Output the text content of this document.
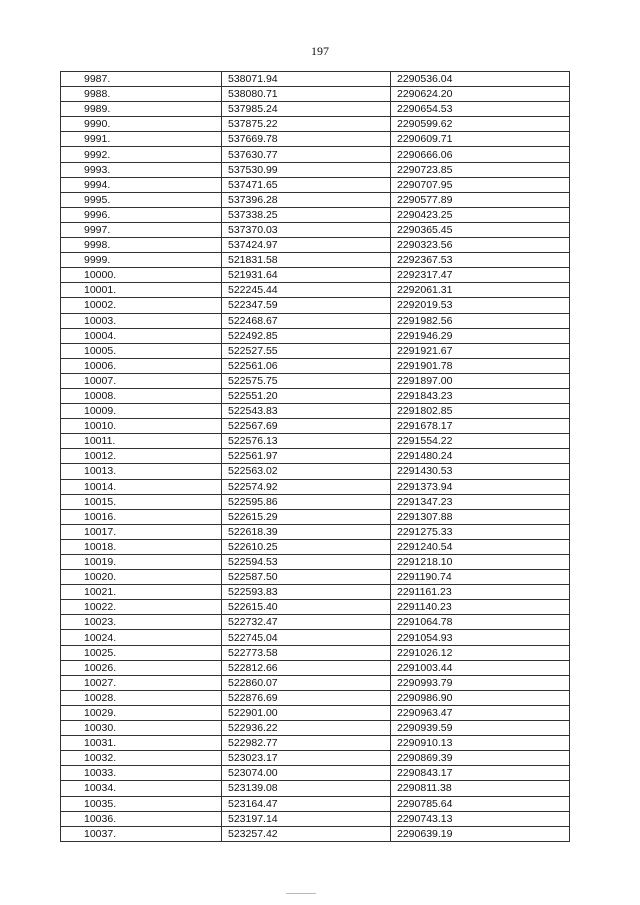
197
9987.	538071.94	2290536.04
9988.	538080.71	2290624.20
9989.	537985.24	2290654.53
9990.	537875.22	2290599.62
9991.	537669.78	2290609.71
9992.	537630.77	2290666.06
9993.	537530.99	2290723.85
9994.	537471.65	2290707.95
9995.	537396.28	2290577.89
9996.	537338.25	2290423.25
9997.	537370.03	2290365.45
9998.	537424.97	2290323.56
9999.	521831.58	2292367.53
10000.	521931.64	2292317.47
10001.	522245.44	2292061.31
10002.	522347.59	2292019.53
10003.	522468.67	2291982.56
10004.	522492.85	2291946.29
10005.	522527.55	2291921.67
10006.	522561.06	2291901.78
10007.	522575.75	2291897.00
10008.	522551.20	2291843.23
10009.	522543.83	2291802.85
10010.	522567.69	2291678.17
10011.	522576.13	2291554.22
10012.	522561.97	2291480.24
10013.	522563.02	2291430.53
10014.	522574.92	2291373.94
10015.	522595.86	2291347.23
10016.	522615.29	2291307.88
10017.	522618.39	2291275.33
10018.	522610.25	2291240.54
10019.	522594.53	2291218.10
10020.	522587.50	2291190.74
10021.	522593.83	2291161.23
10022.	522615.40	2291140.23
10023.	522732.47	2291064.78
10024.	522745.04	2291054.93
10025.	522773.58	2291026.12
10026.	522812.66	2291003.44
10027.	522860.07	2290993.79
10028.	522876.69	2290986.90
10029.	522901.00	2290963.47
10030.	522936.22	2290939.59
10031.	522982.77	2290910.13
10032.	523023.17	2290869.39
10033.	523074.00	2290843.17
10034.	523139.08	2290811.38
10035.	523164.47	2290785.64
10036.	523197.14	2290743.13
10037.	523257.42	2290639.19
